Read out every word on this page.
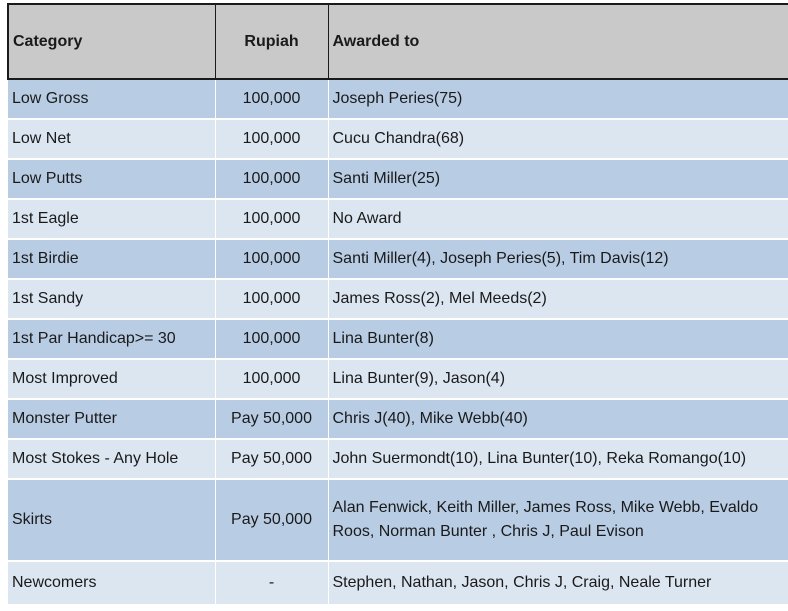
Category	Rupiah	Awarded to
Low Gross	100,000	Joseph Peries(75)
Low Net	100,000	Cucu Chandra(68)
Low Putts	100,000	Santi Miller(25)
1st Eagle	100,000	No Award
1st Birdie	100,000	Santi Miller(4), Joseph Peries(5), Tim Davis(12)
1st Sandy	100,000	James Ross(2), Mel Meeds(2)
1st Par Handicap>= 30	100,000	Lina Bunter(8)
Most Improved	100,000	Lina Bunter(9), Jason(4)
Monster Putter	Pay 50,000	Chris J(40), Mike Webb(40)
Most Stokes - Any Hole	Pay 50,000	John Suermondt(10), Lina Bunter(10), Reka Romango(10)
Skirts	Pay 50,000	Alan Fenwick, Keith Miller, James Ross, Mike Webb, Evaldo Roos, Norman Bunter , Chris J, Paul Evison
Newcomers	-	Stephen, Nathan, Jason, Chris J, Craig, Neale Turner
